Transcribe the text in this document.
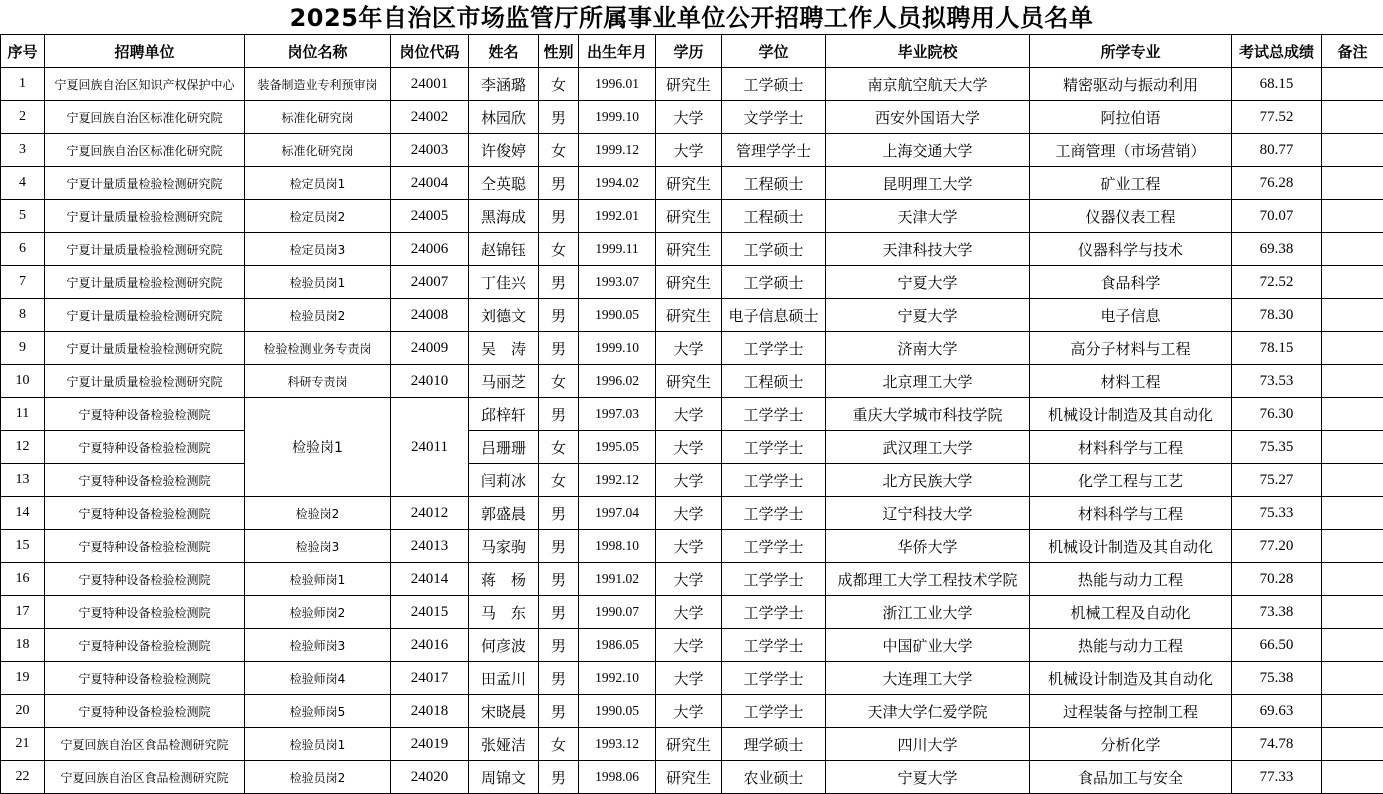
2025年自治区市场监管厅所属事业单位公开招聘工作人员拟聘用人员名单
序号	招聘单位	岗位名称	岗位代码	姓名	性别	出生年月	学历	学位	毕业院校	所学专业	考试总成绩	备注
1	宁夏回族自治区知识产权保护中心	装备制造业专利预审岗	24001	李涵璐	女	1996.01	研究生	工学硕士	南京航空航天大学	精密驱动与振动利用	68.15	
2	宁夏回族自治区标准化研究院	标准化研究岗	24002	林园欣	男	1999.10	大学	文学学士	西安外国语大学	阿拉伯语	77.52	
3	宁夏回族自治区标准化研究院	标准化研究岗	24003	许俊婷	女	1999.12	大学	管理学学士	上海交通大学	工商管理（市场营销）	80.77	
4	宁夏计量质量检验检测研究院	检定员岗1	24004	仝英聪	男	1994.02	研究生	工程硕士	昆明理工大学	矿业工程	76.28	
5	宁夏计量质量检验检测研究院	检定员岗2	24005	黑海成	男	1992.01	研究生	工程硕士	天津大学	仪器仪表工程	70.07	
6	宁夏计量质量检验检测研究院	检定员岗3	24006	赵锦钰	女	1999.11	研究生	工学硕士	天津科技大学	仪器科学与技术	69.38	
7	宁夏计量质量检验检测研究院	检验员岗1	24007	丁佳兴	男	1993.07	研究生	工学硕士	宁夏大学	食品科学	72.52	
8	宁夏计量质量检验检测研究院	检验员岗2	24008	刘德文	男	1990.05	研究生	电子信息硕士	宁夏大学	电子信息	78.30	
9	宁夏计量质量检验检测研究院	检验检测业务专责岗	24009	吴　涛	男	1999.10	大学	工学学士	济南大学	高分子材料与工程	78.15	
10	宁夏计量质量检验检测研究院	科研专责岗	24010	马丽芝	女	1996.02	研究生	工程硕士	北京理工大学	材料工程	73.53	
11	宁夏特种设备检验检测院	检验岗1	24011	邱梓轩	男	1997.03	大学	工学学士	重庆大学城市科技学院	机械设计制造及其自动化	76.30	
12	宁夏特种设备检验检测院			吕珊珊	女	1995.05	大学	工学学士	武汉理工大学	材料科学与工程	75.35	
13	宁夏特种设备检验检测院			闫莉冰	女	1992.12	大学	工学学士	北方民族大学	化学工程与工艺	75.27	
14	宁夏特种设备检验检测院	检验岗2	24012	郭盛晨	男	1997.04	大学	工学学士	辽宁科技大学	材料科学与工程	75.33	
15	宁夏特种设备检验检测院	检验岗3	24013	马家驹	男	1998.10	大学	工学学士	华侨大学	机械设计制造及其自动化	77.20	
16	宁夏特种设备检验检测院	检验师岗1	24014	蒋　杨	男	1991.02	大学	工学学士	成都理工大学工程技术学院	热能与动力工程	70.28	
17	宁夏特种设备检验检测院	检验师岗2	24015	马　东	男	1990.07	大学	工学学士	浙江工业大学	机械工程及自动化	73.38	
18	宁夏特种设备检验检测院	检验师岗3	24016	何彦波	男	1986.05	大学	工学学士	中国矿业大学	热能与动力工程	66.50	
19	宁夏特种设备检验检测院	检验师岗4	24017	田孟川	男	1992.10	大学	工学学士	大连理工大学	机械设计制造及其自动化	75.38	
20	宁夏特种设备检验检测院	检验师岗5	24018	宋晓晨	男	1990.05	大学	工学学士	天津大学仁爱学院	过程装备与控制工程	69.63	
21	宁夏回族自治区食品检测研究院	检验员岗1	24019	张娅洁	女	1993.12	研究生	理学硕士	四川大学	分析化学	74.78	
22	宁夏回族自治区食品检测研究院	检验员岗2	24020	周锦文	男	1998.06	研究生	农业硕士	宁夏大学	食品加工与安全	77.33	
